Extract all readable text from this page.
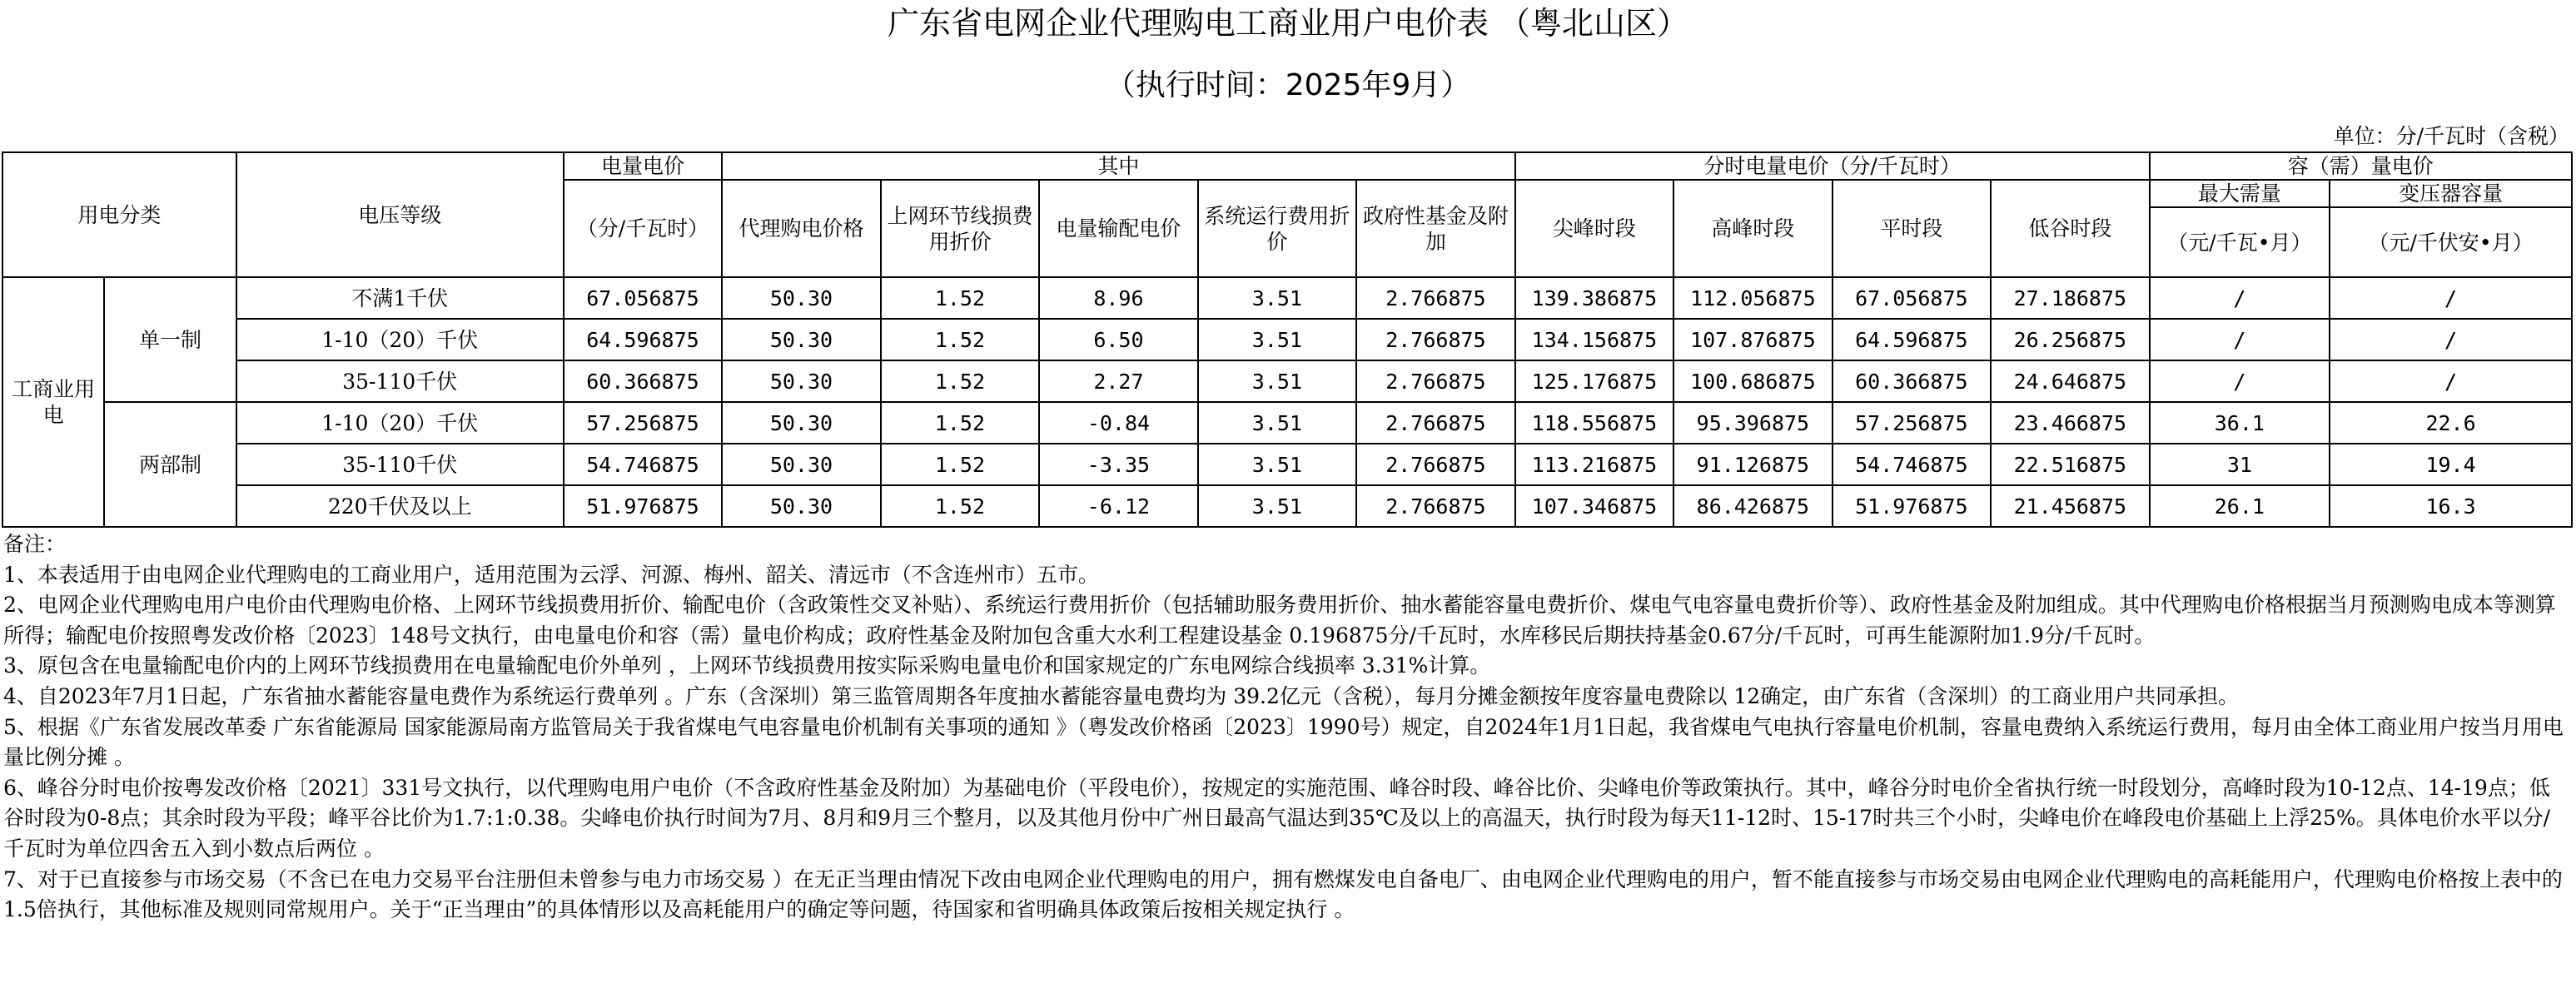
广东省电网企业代理购电工商业用户电价表 （粤北山区）
（执行时间：2025年9月）
单位：分/千瓦时（含税）
用电分类		电压等级	电量电价	其中					分时电量电价（分/千瓦时）				容（需）量电价	
			（分/千瓦时）	代理购电价格	上网环节线损费用折价	电量输配电价	系统运行费用折价	政府性基金及附加	尖峰时段	高峰时段	平时段	低谷时段	最大需量	变压器容量
													（元/千瓦•月）	（元/千伏安•月）
工商业用电	单一制	不满1千伏	67.056875	50.30	1.52	8.96	3.51	2.766875	139.386875	112.056875	67.056875	27.186875	/	/
		1-10（20）千伏	64.596875	50.30	1.52	6.50	3.51	2.766875	134.156875	107.876875	64.596875	26.256875	/	/
		35-110千伏	60.366875	50.30	1.52	2.27	3.51	2.766875	125.176875	100.686875	60.366875	24.646875	/	/
	两部制	1-10（20）千伏	57.256875	50.30	1.52	-0.84	3.51	2.766875	118.556875	95.396875	57.256875	23.466875	36.1	22.6
		35-110千伏	54.746875	50.30	1.52	-3.35	3.51	2.766875	113.216875	91.126875	54.746875	22.516875	31	19.4
		220千伏及以上	51.976875	50.30	1.52	-6.12	3.51	2.766875	107.346875	86.426875	51.976875	21.456875	26.1	16.3

备注：

1、本表适用于由电网企业代理购电的工商业用户，适用范围为云浮、河源、梅州、韶关、清远市（不含连州市）五市。

2、电网企业代理购电用户电价由代理购电价格、上网环节线损费用折价、输配电价（含政策性交叉补贴）、系统运行费用折价（包括辅助服务费用折价、抽水蓄能容量电费折价、煤电气电容量电费折价等）、政府性基金及附加组成。其中代理购电价格根据当月预测购电成本等测算所得；输配电价按照粤发改价格〔2023〕148号文执行，由电量电价和容（需）量电价构成；政府性基金及附加包含重大水利工程建设基金 0.196875分/千瓦时，水库移民后期扶持基金0.67分/千瓦时，可再生能源附加1.9分/千瓦时。

3、原包含在电量输配电价内的上网环节线损费用在电量输配电价外单列 ，上网环节线损费用按实际采购电量电价和国家规定的广东电网综合线损率 3.31%计算。

4、自2023年7月1日起，广东省抽水蓄能容量电费作为系统运行费单列 。广东（含深圳）第三监管周期各年度抽水蓄能容量电费均为 39.2亿元（含税），每月分摊金额按年度容量电费除以 12确定，由广东省（含深圳）的工商业用户共同承担。

5、根据《广东省发展改革委 广东省能源局 国家能源局南方监管局关于我省煤电气电容量电价机制有关事项的通知 》（粤发改价格函〔2023〕1990号）规定，自2024年1月1日起，我省煤电气电执行容量电价机制，容量电费纳入系统运行费用，每月由全体工商业用户按当月用电量比例分摊 。

6、峰谷分时电价按粤发改价格〔2021〕331号文执行，以代理购电用户电价（不含政府性基金及附加）为基础电价（平段电价），按规定的实施范围、峰谷时段、峰谷比价、尖峰电价等政策执行。其中，峰谷分时电价全省执行统一时段划分，高峰时段为10-12点、14-19点；低谷时段为0-8点；其余时段为平段；峰平谷比价为1.7:1:0.38。尖峰电价执行时间为7月、8月和9月三个整月，以及其他月份中广州日最高气温达到35℃及以上的高温天，执行时段为每天11-12时、15-17时共三个小时，尖峰电价在峰段电价基础上上浮25%。具体电价水平以分/千瓦时为单位四舍五入到小数点后两位 。

7、对于已直接参与市场交易（不含已在电力交易平台注册但未曾参与电力市场交易 ）在无正当理由情况下改由电网企业代理购电的用户，拥有燃煤发电自备电厂、由电网企业代理购电的用户，暂不能直接参与市场交易由电网企业代理购电的高耗能用户，代理购电价格按上表中的1.5倍执行，其他标准及规则同常规用户。关于“正当理由”的具体情形以及高耗能用户的确定等问题，待国家和省明确具体政策后按相关规定执行 。
